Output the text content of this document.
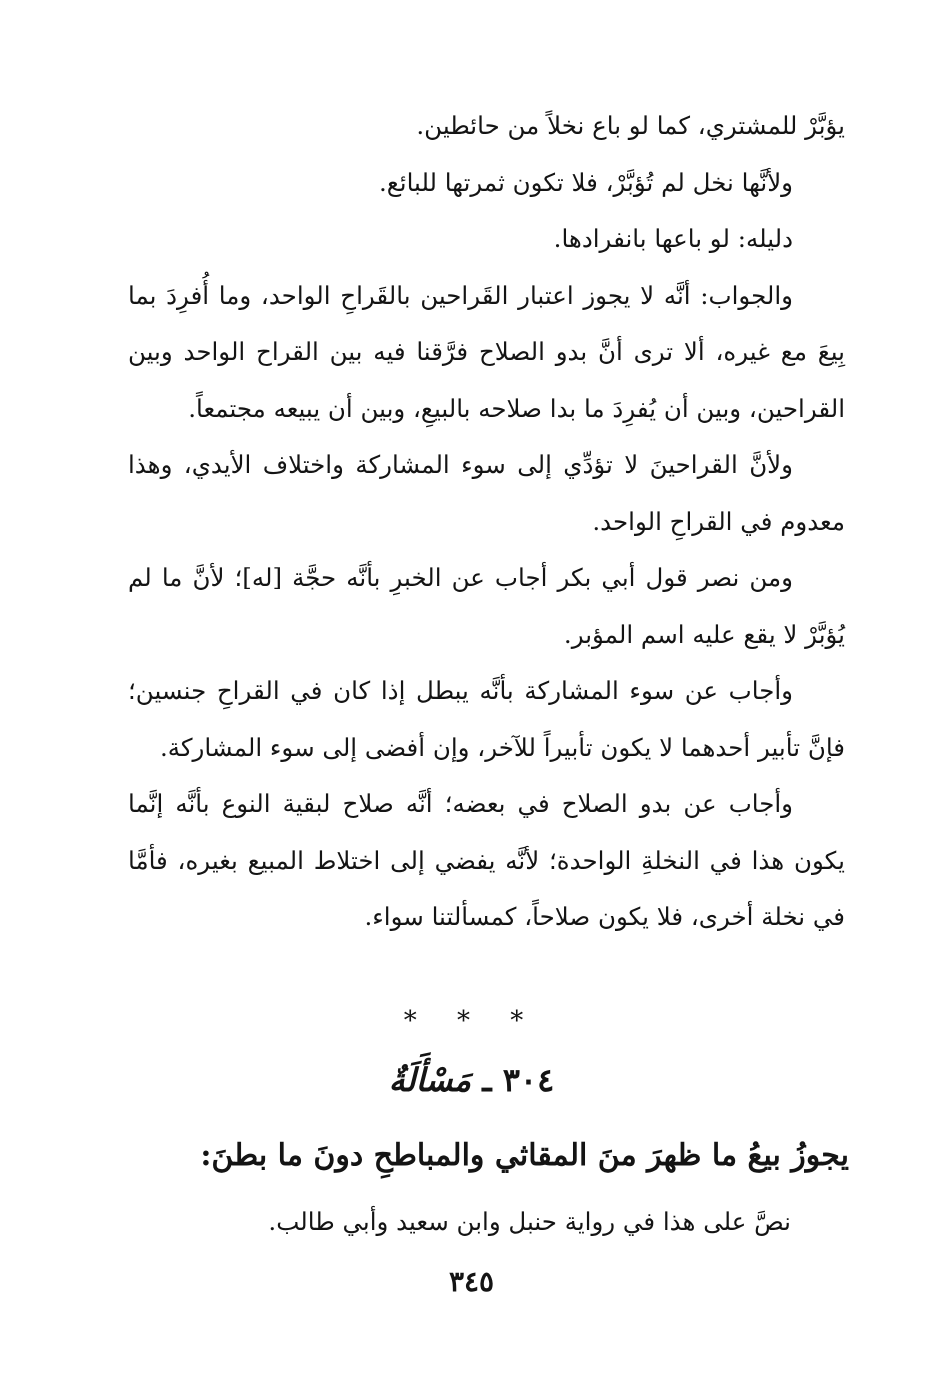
يؤبَّرْ للمشتري، كما لو باع نخلاً من حائطين.

ولأنَّها نخل لم تُؤبَّرْ، فلا تكون ثمرتها للبائع.

دليله: لو باعها بانفرادها.

والجواب: أنَّه لا يجوز اعتبار القَراحين بالقَراحِ الواحد، وما أُفرِدَ بما بِيعَ مع غيره، ألا ترى أنَّ بدو الصلاح فرَّقنا فيه بين القراح الواحد وبين القراحين، وبين أن يُفرِدَ ما بدا صلاحه بالبيعِ، وبين أن يبيعه مجتمعاً.

ولأنَّ القراحينَ لا تؤدِّي إلى سوء المشاركة واختلاف الأيدي، وهذا معدوم في القراحِ الواحد.

ومن نصر قول أبي بكر أجاب عن الخبرِ بأنَّه حجَّة [له]؛ لأنَّ ما لم يُؤبَّرْ لا يقع عليه اسم المؤبر.

وأجاب عن سوء المشاركة بأنَّه يبطل إذا كان في القراحِ جنسين؛ فإنَّ تأبير أحدهما لا يكون تأبيراً للآخر، وإن أفضى إلى سوء المشاركة.

وأجاب عن بدو الصلاح في بعضه؛ أنَّه صلاح لبقية النوع بأنَّه إنَّما يكون هذا في النخلةِ الواحدة؛ لأنَّه يفضي إلى اختلاط المبيع بغيره، فأمَّا في نخلة أخرى، فلا يكون صلاحاً، كمسألتنا سواء.

* * *
٣٠٤ ـ مَسْأَلَةٌ
يجوزُ بيعُ ما ظهرَ منَ المقاثي والمباطحِ دونَ ما بطنَ:
نصَّ على هذا في رواية حنبل وابن سعيد وأبي طالب.
٣٤٥
